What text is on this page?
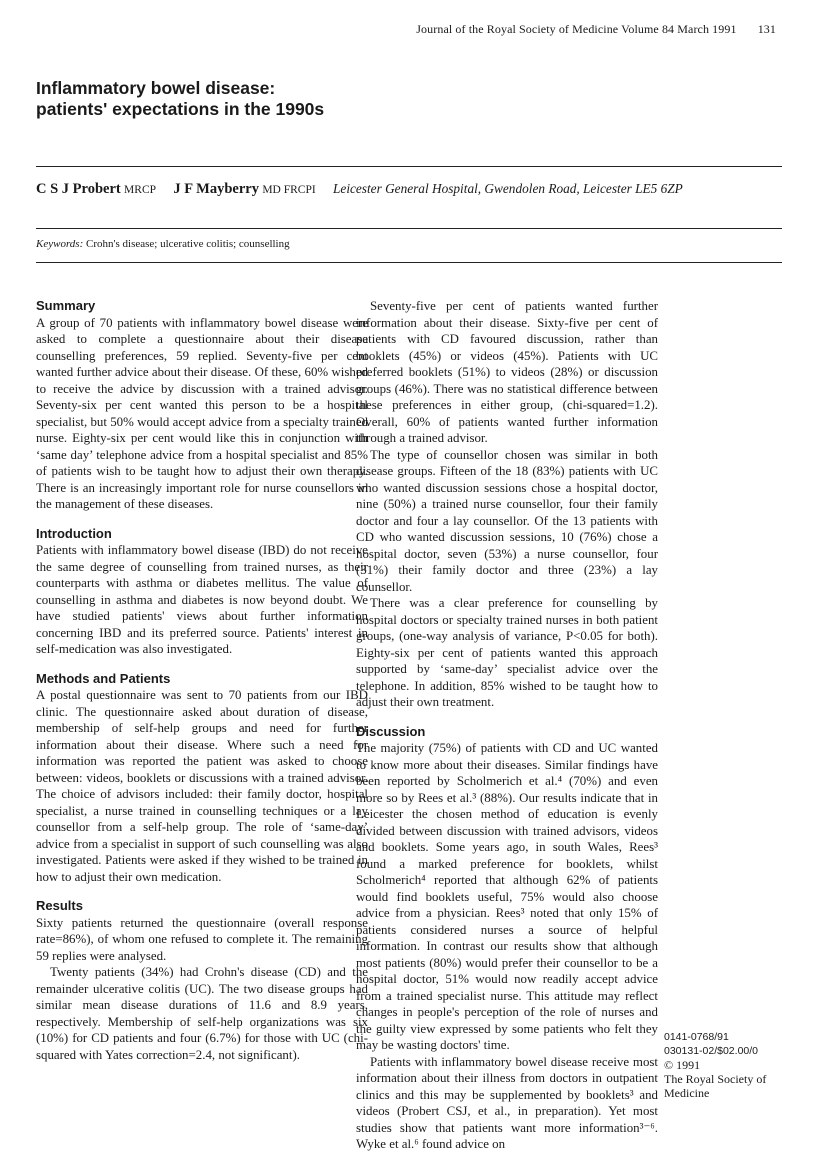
Journal of the Royal Society of Medicine Volume 84 March 1991 131
Inflammatory bowel disease:
patients' expectations in the 1990s
C S J Probert MRCP J F Mayberry MD FRCPI Leicester General Hospital, Gwendolen Road, Leicester LE5 6ZP
Keywords: Crohn's disease; ulcerative colitis; counselling
Summary

A group of 70 patients with inflammatory bowel disease were asked to complete a questionnaire about their disease counselling preferences, 59 replied. Seventy-five per cent wanted further advice about their disease. Of these, 60% wished to receive the advice by discussion with a trained advisor. Seventy-six per cent wanted this person to be a hospital specialist, but 50% would accept advice from a specialty trained nurse. Eighty-six per cent would like this in conjunction with ‘same day’ telephone advice from a hospital specialist and 85% of patients wish to be taught how to adjust their own therapy. There is an increasingly important role for nurse counsellors in the management of these diseases.

Introduction

Patients with inflammatory bowel disease (IBD) do not receive the same degree of counselling from trained nurses, as their counterparts with asthma or diabetes mellitus. The value of counselling in asthma and diabetes is now beyond doubt. We have studied patients' views about further information concerning IBD and its preferred source. Patients' interest in self-medication was also investigated.

Methods and Patients

A postal questionnaire was sent to 70 patients from our IBD clinic. The questionnaire asked about duration of disease, membership of self-help groups and need for further information about their disease. Where such a need for information was reported the patient was asked to choose between: videos, booklets or discussions with a trained advisor. The choice of advisors included: their family doctor, hospital specialist, a nurse trained in counselling techniques or a lay counsellor from a self-help group. The role of ‘same-day’ advice from a specialist in support of such counselling was also investigated. Patients were asked if they wished to be trained in how to adjust their own medication.

Results

Sixty patients returned the questionnaire (overall response rate=86%), of whom one refused to complete it. The remaining 59 replies were analysed.

Twenty patients (34%) had Crohn's disease (CD) and the remainder ulcerative colitis (UC). The two disease groups had similar mean disease durations of 11.6 and 8.9 years, respectively. Membership of self-help organizations was six (10%) for CD patients and four (6.7%) for those with UC (chi-squared with Yates correction=2.4, not significant).

Seventy-five per cent of patients wanted further information about their disease. Sixty-five per cent of patients with CD favoured discussion, rather than booklets (45%) or videos (45%). Patients with UC preferred booklets (51%) to videos (28%) or discussion groups (46%). There was no statistical difference between these preferences in either group, (chi-squared=1.2). Overall, 60% of patients wanted further information through a trained advisor.

The type of counsellor chosen was similar in both disease groups. Fifteen of the 18 (83%) patients with UC who wanted discussion sessions chose a hospital doctor, nine (50%) a trained nurse counsellor, four their family doctor and four a lay counsellor. Of the 13 patients with CD who wanted discussion sessions, 10 (76%) chose a hospital doctor, seven (53%) a nurse counsellor, four (31%) their family doctor and three (23%) a lay counsellor.

There was a clear preference for counselling by hospital doctors or specialty trained nurses in both patient groups, (one-way analysis of variance, P<0.05 for both). Eighty-six per cent of patients wanted this approach supported by ‘same-day’ specialist advice over the telephone. In addition, 85% wished to be taught how to adjust their own treatment.

Discussion

The majority (75%) of patients with CD and UC wanted to know more about their diseases. Similar findings have been reported by Scholmerich et al.⁴ (70%) and even more so by Rees et al.³ (88%). Our results indicate that in Leicester the chosen method of education is evenly divided between discussion with trained advisors, videos and booklets. Some years ago, in south Wales, Rees³ found a marked preference for booklets, whilst Scholmerich⁴ reported that although 62% of patients would find booklets useful, 75% would also choose advice from a physician. Rees³ noted that only 15% of patients considered nurses a source of helpful information. In contrast our results show that although most patients (80%) would prefer their counsellor to be a hospital doctor, 51% would now readily accept advice from a trained specialist nurse. This attitude may reflect changes in people's perception of the role of nurses and the guilty view expressed by some patients who felt they may be wasting doctors' time.

Patients with inflammatory bowel disease receive most information about their illness from doctors in outpatient clinics and this may be supplemented by booklets³ and videos (Probert CSJ, et al., in preparation). Yet most studies show that patients want more information³⁻⁶. Wyke et al.⁶ found advice on

0141-0768/91
030131-02/$02.00/0
© 1991
The Royal Society of Medicine
